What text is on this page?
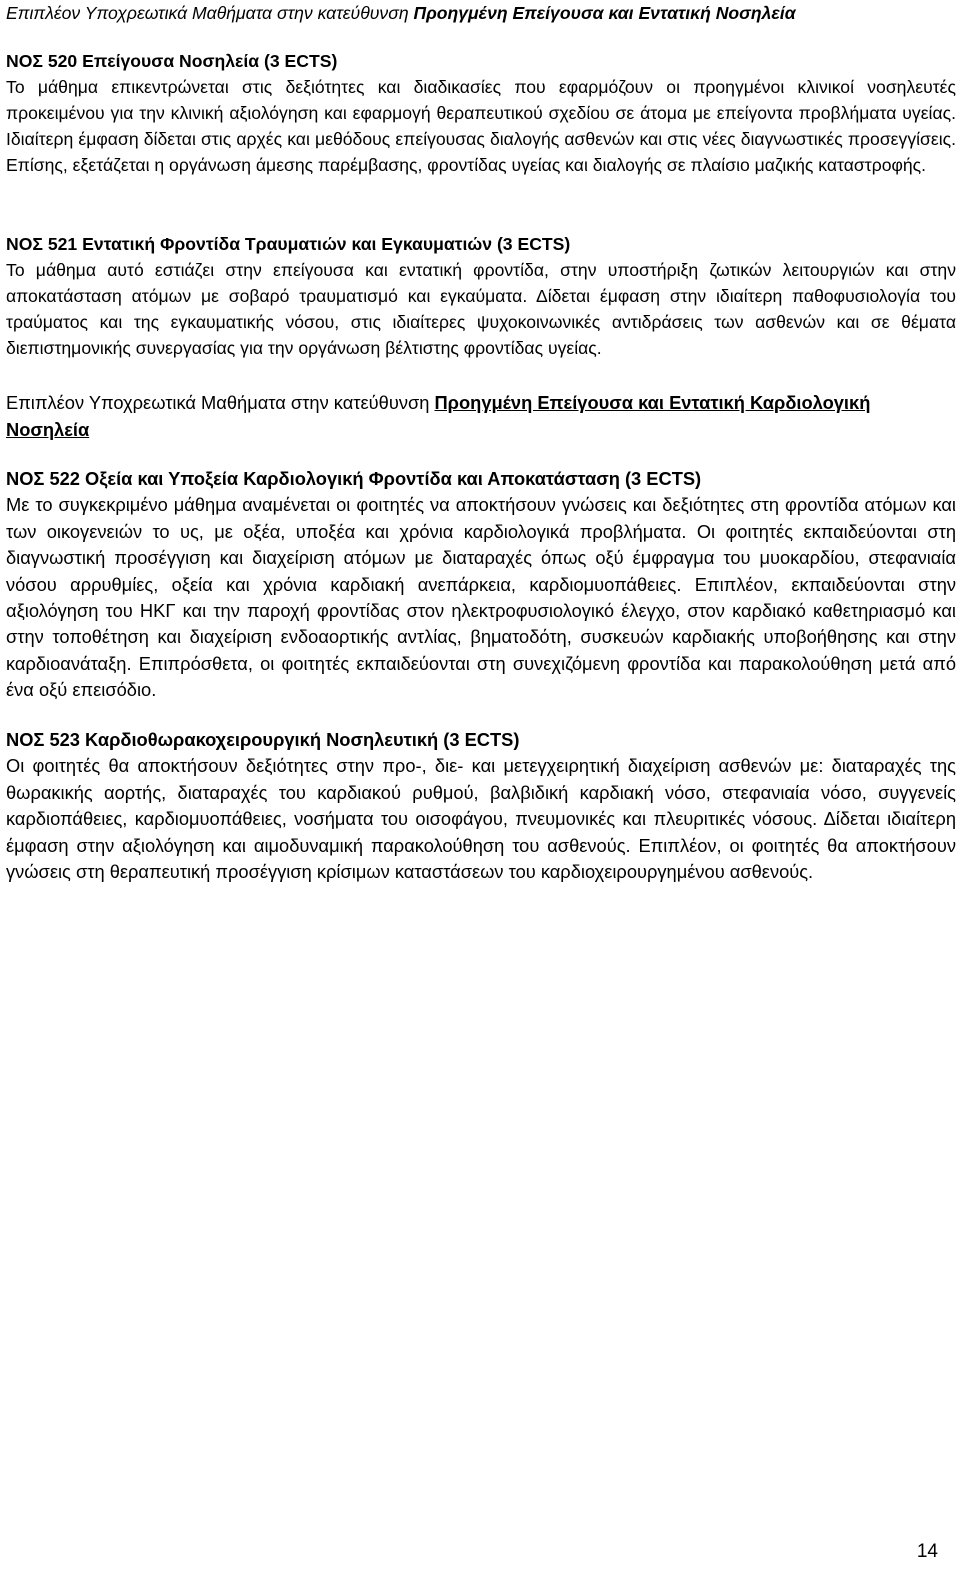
Επιπλέον Υποχρεωτικά Μαθήματα στην κατεύθυνση Προηγμένη Επείγουσα και Εντατική Νοσηλεία

ΝΟΣ 520 Επείγουσα Νοσηλεία (3 ECTS)

Το μάθημα επικεντρώνεται στις δεξιότητες και διαδικασίες που εφαρμόζουν οι προηγμένοι κλινικοί νοσηλευτές προκειμένου για την κλινική αξιολόγηση και εφαρμογή θεραπευτικού σχεδίου σε άτομα με επείγοντα προβλήματα υγείας. Ιδιαίτερη έμφαση δίδεται στις αρχές και μεθόδους επείγουσας διαλογής ασθενών και στις νέες διαγνωστικές προσεγγίσεις. Επίσης, εξετάζεται η οργάνωση άμεσης παρέμβασης, φροντίδας υγείας και διαλογής σε πλαίσιο μαζικής καταστροφής.

ΝΟΣ 521 Εντατική Φροντίδα Τραυματιών και Εγκαυματιών (3 ECTS)

Το μάθημα αυτό εστιάζει στην επείγουσα και εντατική φροντίδα, στην υποστήριξη ζωτικών λειτουργιών και στην αποκατάσταση ατόμων με σοβαρό τραυματισμό και εγκαύματα. Δίδεται έμφαση στην ιδιαίτερη παθοφυσιολογία του τραύματος και της εγκαυματικής νόσου, στις ιδιαίτερες ψυχοκοινωνικές αντιδράσεις των ασθενών και σε θέματα διεπιστημονικής συνεργασίας για την οργάνωση βέλτιστης φροντίδας υγείας.

Επιπλέον Υποχρεωτικά Μαθήματα στην κατεύθυνση Προηγμένη Επείγουσα και Εντατική Καρδιολογική Νοσηλεία

ΝΟΣ 522 Οξεία και Υποξεία Καρδιολογική Φροντίδα και Αποκατάσταση (3 ECTS)

Με το συγκεκριμένο μάθημα αναμένεται οι φοιτητές να αποκτήσουν γνώσεις και δεξιότητες στη φροντίδα ατόμων και των οικογενειών το υς, με οξέα, υποξέα και χρόνια καρδιολογικά προβλήματα. Οι φοιτητές εκπαιδεύονται στη διαγνωστική προσέγγιση και διαχείριση ατόμων με διαταραχές όπως οξύ έμφραγμα του μυοκαρδίου, στεφανιαία νόσου αρρυθμίες, οξεία και χρόνια καρδιακή ανεπάρκεια, καρδιομυοπάθειες. Επιπλέον, εκπαιδεύονται στην αξιολόγηση του ΗΚΓ και την παροχή φροντίδας στον ηλεκτροφυσιολογικό έλεγχο, στον καρδιακό καθετηριασμό και στην τοποθέτηση και διαχείριση ενδοαορτικής αντλίας, βηματοδότη, συσκευών καρδιακής υποβοήθησης και στην καρδιοανάταξη. Επιπρόσθετα, οι φοιτητές εκπαιδεύονται στη συνεχιζόμενη φροντίδα και παρακολούθηση μετά από ένα οξύ επεισόδιο.

ΝΟΣ 523 Καρδιοθωρακοχειρουργική Νοσηλευτική (3 ECTS)

Οι φοιτητές θα αποκτήσουν δεξιότητες στην προ-, διε- και μετεγχειρητική διαχείριση ασθενών με: διαταραχές της θωρακικής αορτής, διαταραχές του καρδιακού ρυθμού, βαλβιδική καρδιακή νόσο, στεφανιαία νόσο, συγγενείς καρδιοπάθειες, καρδιομυοπάθειες, νοσήματα του οισοφάγου, πνευμονικές και πλευριτικές νόσους. Δίδεται ιδιαίτερη έμφαση στην αξιολόγηση και αιμοδυναμική παρακολούθηση του ασθενούς. Επιπλέον, οι φοιτητές θα αποκτήσουν γνώσεις στη θεραπευτική προσέγγιση κρίσιμων καταστάσεων του καρδιοχειρουργημένου ασθενούς.

14
